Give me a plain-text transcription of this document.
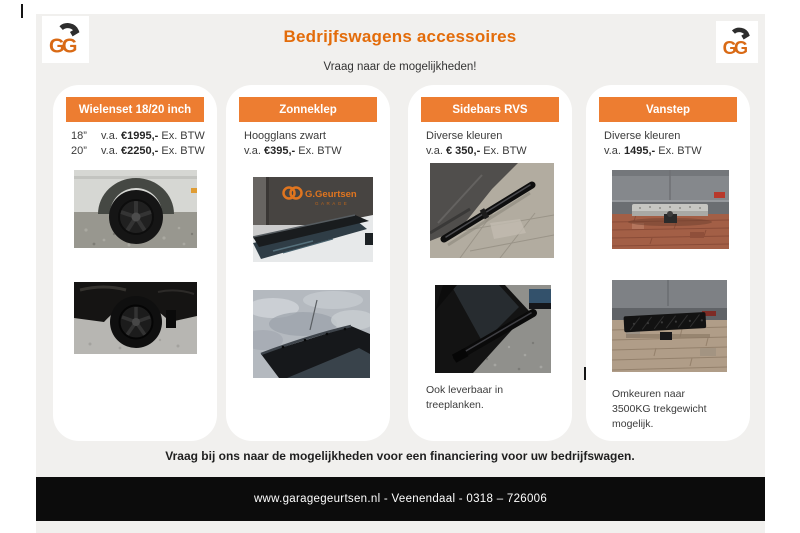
GG	GG
Bedrijfswagens accessoires
Vraag naar de mogelijkheden!
Wielenset 18/20 inch
18”	v.a. €1995,- Ex. BTW
20”	v.a. €2250,- Ex. BTW
Zonneklep
Hoogglans zwart
v.a. €395,- Ex. BTW
G.Geurtsen
GARAGE
Sidebars RVS
Diverse kleuren
v.a. € 350,- Ex. BTW
Ook leverbaar in treeplanken.
Vanstep
Diverse kleuren
v.a. 1495,- Ex. BTW
Omkeuren naar 3500KG trekgewicht mogelijk.
Vraag bij ons naar de mogelijkheden voor een financiering voor uw bedrijfswagen.
www.garagegeurtsen.nl - Veenendaal - 0318 – 726006
